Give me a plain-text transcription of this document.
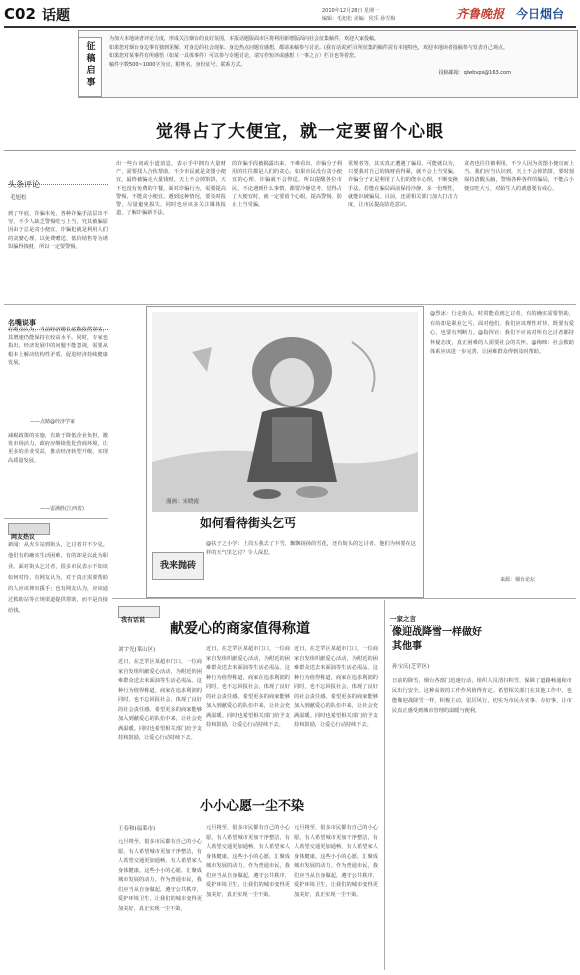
C02 话题	2010年12月28日 星期一
编辑：毛旭松 美编：侯乐 孙雪梅	齐鲁晚报 今日烟台
征稿启事
为加大本地读者评论力度，形成关注烟台的良好氛围，本报话题版面市区将利用新增版面向社会征集稿件，欢迎大家投稿。
如果您对烟台身边事有独到见解，对身边的社会现象、身边热点问题有感想，都请来稿参与讨论。(我有话说)栏目所征集的稿件需有本地特色，欢迎本地读者投稿参与发表自己观点。
如果您对某事件有所感悟（如某一具体事件）可以参与专题讨论，请写作短评或感想（一事之言）栏目也等着您。
稿件字数500~1000字为宜，附姓名、身份证号、联系方式。
投稿邮箱：qlwbvps@163.com
觉得占了大便宜，就一定要留个心眼
头条评论
毛旭松
到了年底，诈骗未免，各种诈骗手法层出不穷，不少人缺乏警惕吃亏上当，究其被骗原因由于总是贪小便宜。诈骗犯就是利用人们的贪婪心理，以免费赠送、低价销售等为诱饵骗得钱财，所以一定要警惕。
出一些台词或小道消息，表示手中拥有大量财产，需要找人合伙帮助。不少市民就是贪图小便宜，最终被骗走大量钱财。天上不会掉馅饼，天下也没有免费的午餐。面对诈骗行为，需要提高警惕，不能贪小便宜。遇到这种情况，要及时报警，尽量避免损失，同时也应该多关注媒体报道，了解诈骗新手法。
的诈骗手段被揭露出来，不难看出，诈骗分子利用的往往都是人们的贪心，如果市民没有贪小便宜的心理，诈骗就不会得逞。所以提醒各位市民，不论遇到什么事情，都要冷静思考，觉得占了大便宜时，就一定要留个心眼，提高警惕，防止上当受骗。
常规者等，其实真正遭遇了骗局，可能就以为，只要我对自己的钱财看得紧，就不会上当受骗。诈骗分子正是利用了人们的侥幸心理，不断变换手法。若能在骗局面前保持冷静，多一份理性，就能识破骗局。目前，还需相关部门加大打击力度，让市民提高防范意识。
贪者也往往被利用，不少人因为贪图小便宜而上当。我们应当认识到，天上不会掉馅饼，要时刻保持清醒头脑，警惕各种各样的骗局，不能占小便宜吃大亏，对陌生人的诱惑要有戒心。
名嘴说事
有观点认为，当前经济增长底数依然坚实，其增速仍能保持在较高水平。同时，专家也指出，经济发展中的问题不能忽视，需要从根本上解决结构性矛盾，促进经济持续健康发展。
——点睛@经济学家
减税政策的实施，有助于降低企业负担，激发市场活力。政府应继续优化营商环境，让更多的企业受益，推动经济转型升级，实现高质量发展。
——雷满胜(江西省)
网友热议
新闻：从火车站到街头，乞讨者并不少见。他们有的确实生活困难，有的却是以此为职业。面对街头乞讨者，很多市民表示不知该如何对待。有网友认为，对于真正需要帮助的人应该伸出援手；也有网友认为，应该通过救助站等正规渠道提供帮助，而不是直接给钱。
漫画：宋晓霞
如何看待街头乞丐
我来抛砖
@扶子之小学：上周五我去了下雪，飘飘扬扬的雪花，还有街头的乞讨者，他们为何要在这样的天气里乞讨？令人深思。
@烈冰：行走街头，时常能看到乞讨者，有的确实需要帮助，有的却是职业乞丐。面对他们，我们应该理性对待，既要有爱心，也要有判断力。@指挥官：我们不应该对所有乞讨者都持怀疑态度，真正困难的人需要社会的关怀。@梅咪：社会救助体系应该进一步完善，让困难群众得到及时帮助。
来源：烟台论坛
我有话说
献爱心的商家值得称道
刘宇光(莱山区)
近日，在芝罘区某超市门口，一位商家自发组织献爱心活动，为附近的困难群众送去米面油等生活必需品。这种行为值得称道。商家在追求利润的同时，也不忘回报社会，体现了良好的社会责任感。希望更多的商家能够加入到献爱心的队伍中来，让社会充满温暖。同时也希望相关部门给予支持和鼓励，让爱心行动持续下去。
近日，在芝罘区某超市门口，一位商家自发组织献爱心活动，为附近的困难群众送去米面油等生活必需品。这种行为值得称道。商家在追求利润的同时，也不忘回报社会，体现了良好的社会责任感。希望更多的商家能够加入到献爱心的队伍中来，让社会充满温暖。同时也希望相关部门给予支持和鼓励，让爱心行动持续下去。
近日，在芝罘区某超市门口，一位商家自发组织献爱心活动，为附近的困难群众送去米面油等生活必需品。这种行为值得称道。商家在追求利润的同时，也不忘回报社会，体现了良好的社会责任感。希望更多的商家能够加入到献爱心的队伍中来，让社会充满温暖。同时也希望相关部门给予支持和鼓励，让爱心行动持续下去。
小小心愿一尘不染
王春和(福莱市)
元旦将至，很多市民都有自己的小心愿。有人希望城市更加干净整洁，有人希望交通更加通畅，有人希望家人身体健康。这些小小的心愿，汇聚成城市发展的动力。作为普通市民，我们应当从自身做起，遵守公共秩序，爱护环境卫生，让我们的城市变得更加美好，真正实现一尘不染。
元旦将至，很多市民都有自己的小心愿。有人希望城市更加干净整洁，有人希望交通更加通畅，有人希望家人身体健康。这些小小的心愿，汇聚成城市发展的动力。作为普通市民，我们应当从自身做起，遵守公共秩序，爱护环境卫生，让我们的城市变得更加美好，真正实现一尘不染。
元旦将至，很多市民都有自己的小心愿。有人希望城市更加干净整洁，有人希望交通更加通畅，有人希望家人身体健康。这些小小的心愿，汇聚成城市发展的动力。作为普通市民，我们应当从自身做起，遵守公共秩序，爱护环境卫生，让我们的城市变得更加美好，真正实现一尘不染。
一家之言
像迎战降雪一样做好其他事
孙宝庆(芝罘区)
日前的降雪，烟台各部门迅速行动，组织人员清扫积雪，保障了道路畅通和市民出行安全。这种高效的工作作风值得肯定。希望相关部门在其他工作中，也能像迎战降雪一样，积极主动，雷厉风行，切实为市民办实事、办好事，让市民真正感受到城市管理的温暖与便利。
